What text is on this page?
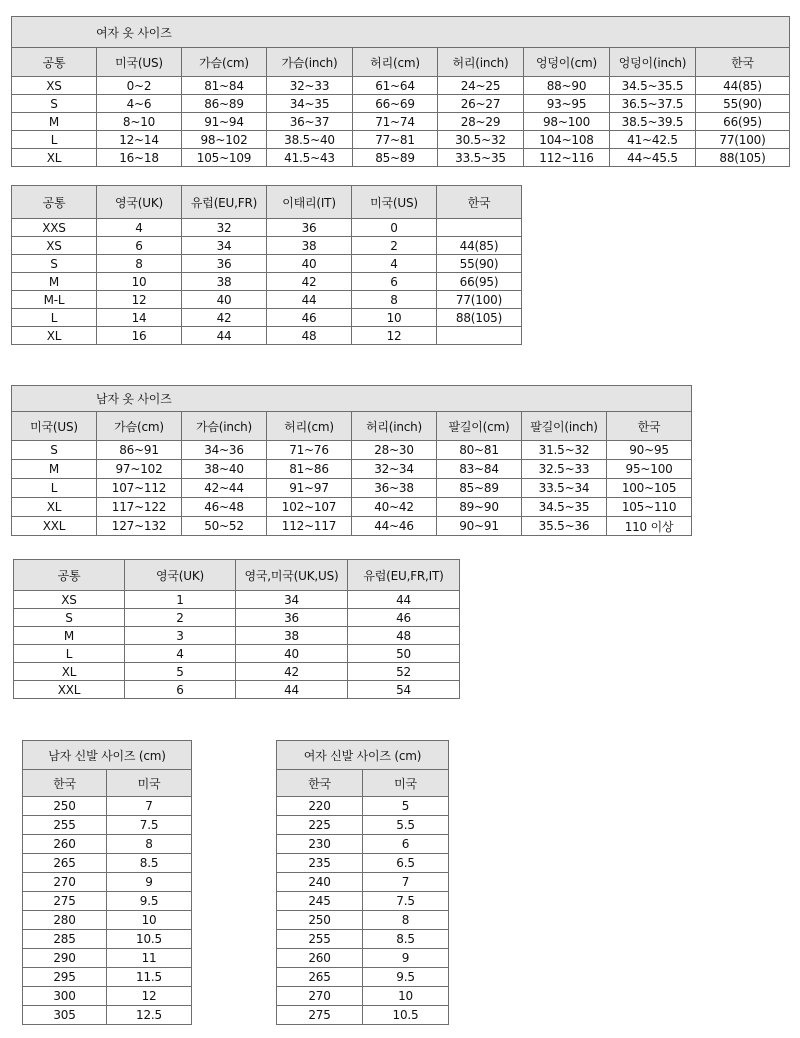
여자 옷 사이즈								
공통	미국(US)	가슴(cm)	가슴(inch)	허리(cm)	허리(inch)	엉덩이(cm)	엉덩이(inch)	한국
XS	0~2	81~84	32~33	61~64	24~25	88~90	34.5~35.5	44(85)
S	4~6	86~89	34~35	66~69	26~27	93~95	36.5~37.5	55(90)
M	8~10	91~94	36~37	71~74	28~29	98~100	38.5~39.5	66(95)
L	12~14	98~102	38.5~40	77~81	30.5~32	104~108	41~42.5	77(100)
XL	16~18	105~109	41.5~43	85~89	33.5~35	112~116	44~45.5	88(105)
공통	영국(UK)	유럽(EU,FR)	이태리(IT)	미국(US)	한국
XXS	4	32	36	0	
XS	6	34	38	2	44(85)
S	8	36	40	4	55(90)
M	10	38	42	6	66(95)
M-L	12	40	44	8	77(100)
L	14	42	46	10	88(105)
XL	16	44	48	12	
남자 옷 사이즈							
미국(US)	가슴(cm)	가슴(inch)	허리(cm)	허리(inch)	팔길이(cm)	팔길이(inch)	한국
S	86~91	34~36	71~76	28~30	80~81	31.5~32	90~95
M	97~102	38~40	81~86	32~34	83~84	32.5~33	95~100
L	107~112	42~44	91~97	36~38	85~89	33.5~34	100~105
XL	117~122	46~48	102~107	40~42	89~90	34.5~35	105~110
XXL	127~132	50~52	112~117	44~46	90~91	35.5~36	110 이상
공통	영국(UK)	영국,미국(UK,US)	유럽(EU,FR,IT)
XS	1	34	44
S	2	36	46
M	3	38	48
L	4	40	50
XL	5	42	52
XXL	6	44	54
남자 신발 사이즈 (cm)	
한국	미국
250	7
255	7.5
260	8
265	8.5
270	9
275	9.5
280	10
285	10.5
290	11
295	11.5
300	12
305	12.5
여자 신발 사이즈 (cm)	
한국	미국
220	5
225	5.5
230	6
235	6.5
240	7
245	7.5
250	8
255	8.5
260	9
265	9.5
270	10
275	10.5
